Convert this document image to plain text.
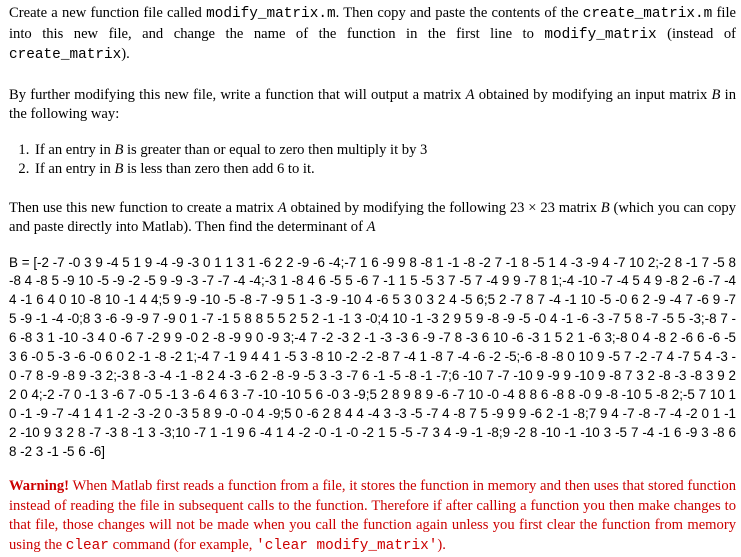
Create a new function file called modify_matrix.m. Then copy and paste the contents of the create_matrix.m file into this new file, and change the name of the function in the first line to modify_matrix (instead of create_matrix).

By further modifying this new file, write a function that will output a matrix A obtained by modifying an input matrix B in the following way:

1. If an entry in B is greater than or equal to zero then multiply it by 3
2. If an entry in B is less than zero then add 6 to it.

Then use this new function to create a matrix A obtained by modifying the following 23 × 23 matrix B (which you can copy and paste directly into Matlab). Then find the determinant of A

B = [-2 -7 -0 3 9 -4 5 1 9 -4 -9 -3 0 1 1 3 1 -6 2 2 -9 -6 -4;-7 1 6 -9 9 8 -8 1 -1 -8 -2 7 -1 8 -5 1 4 -3 -9 4 -7 10 2;-2 8 -1 7 -5 8 -8 4 -8 5 -9 10 -5 -9 -2 -5 9 -9 -3 -7 -7 -4 -4;-3 1 -8 4 6 -5 5 -6 7 -1 1 5 -5 3 7 -5 7 -4 9 9 -7 8 1;-4 -10 -7 -4 5 4 9 -8 2 -6 -7 -4 4 -1 6 4 0 10 -8 10 -1 4 4;5 9 -9 -10 -5 -8 -7 -9 5 1 -3 -9 -10 4 -6 5 3 0 3 2 4 -5 6;5 2 -7 8 7 -4 -1 10 -5 -0 6 2 -9 -4 7 -6 9 -7 5 -9 -1 -4 -0;8 3 -6 -9 -9 7 -9 0 1 -7 -1 5 8 8 5 5 2 5 2 -1 -1 3 -0;4 10 -1 -3 2 9 5 9 -8 -9 -5 -0 4 -1 -6 -3 -7 5 8 -7 -5 5 -3;-8 7 -6 -8 3 1 -10 -3 4 0 -6 7 -2 9 9 -0 2 -8 -9 9 0 -9 3;-4 7 -2 -3 2 -1 -3 -3 6 -9 -7 8 -3 6 10 -6 -3 1 5 2 1 -6 3;-8 0 4 -8 2 -6 6 -6 -5 3 6 -0 5 -3 -6 -0 6 0 2 -1 -8 -2 1;-4 7 -1 9 4 4 1 -5 3 -8 10 -2 -2 -8 7 -4 1 -8 7 -4 -6 -2 -5;-6 -8 -8 0 10 9 -5 7 -2 -7 4 -7 5 4 -3 -0 -7 8 -9 -8 9 -3 2;-3 8 -3 -4 -1 -8 2 4 -3 -6 2 -8 -9 -5 3 -3 -7 6 -1 -5 -8 -1 -7;6 -10 7 -7 -10 9 -9 9 -10 9 -8 7 3 2 -8 -3 -8 3 9 2 2 0 4;-2 -7 0 -1 3 -6 7 -0 5 -1 3 -6 4 6 3 -7 -10 -10 5 6 -0 3 -9;5 2 8 9 8 9 -6 -7 10 -0 -4 8 8 6 -8 8 -0 9 -8 -10 5 -8 2;-5 7 10 10 -1 -9 -7 -4 1 4 1 -2 -3 -2 0 -3 5 8 9 -0 -0 4 -9;5 0 -6 2 8 4 4 -4 3 -3 -5 -7 4 -8 7 5 -9 9 9 -6 2 -1 -8;7 9 4 -7 -8 -7 -4 -2 0 1 -1 2 -10 9 3 2 8 -7 -3 8 -1 3 -3;10 -7 1 -1 9 6 -4 1 4 -2 -0 -1 -0 -2 1 5 -5 -7 3 4 -9 -1 -8;9 -2 8 -10 -1 -10 3 -5 7 -4 -1 6 -9 3 -8 6 8 -2 3 -1 -5 6 -6]

Warning! When Matlab first reads a function from a file, it stores the function in memory and then uses that stored function instead of reading the file in subsequent calls to the function. Therefore if after calling a function you then make changes to that file, those changes will not be made when you call the function again unless you first clear the function from memory using the clear command (for example, 'clear modify_matrix').
